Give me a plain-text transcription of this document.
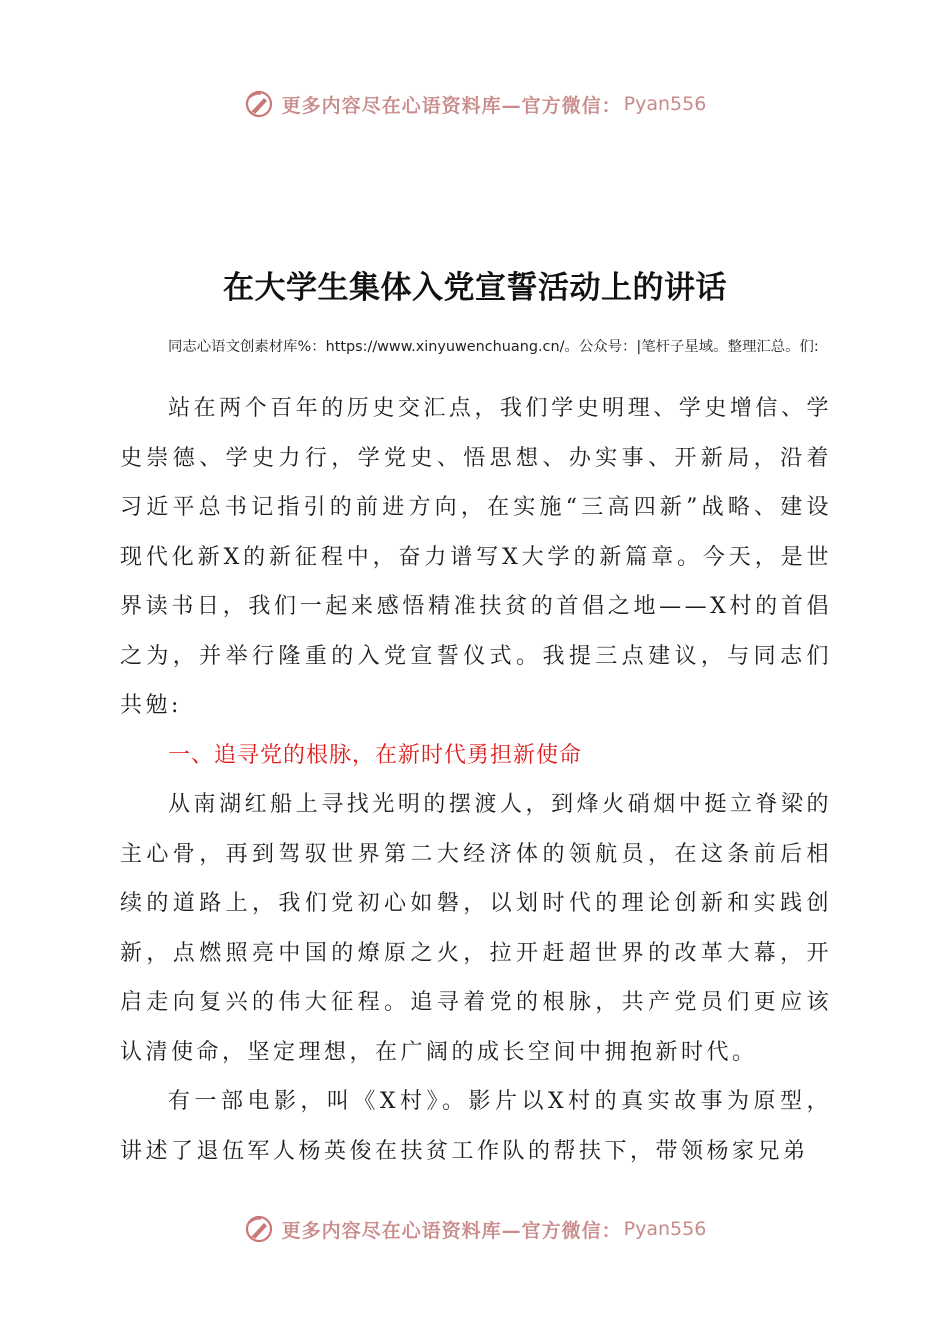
更多内容尽在心语资料库—官方微信： Pyan556
在大学生集体入党宣誓活动上的讲话
同志心语文创素材库%：https://www.xinyuwenchuang.cn/。公众号：|笔杆子星域。整理汇总。们:

站在两个百年的历史交汇点，我们学史明理、学史增信、学史崇德、学史力行，学党史、悟思想、办实事、开新局，沿着习近平总书记指引的前进方向，在实施“三高四新”战略、建设现代化新X的新征程中，奋力谱写X大学的新篇章。今天，是世界读书日，我们一起来感悟精准扶贫的首倡之地——X村的首倡之为，并举行隆重的入党宣誓仪式。我提三点建议，与同志们共勉:

一、追寻党的根脉，在新时代勇担新使命

从南湖红船上寻找光明的摆渡人，到烽火硝烟中挺立脊梁的主心骨，再到驾驭世界第二大经济体的领航员，在这条前后相续的道路上，我们党初心如磐，以划时代的理论创新和实践创新，点燃照亮中国的燎原之火，拉开赶超世界的改革大幕，开启走向复兴的伟大征程。追寻着党的根脉，共产党员们更应该认清使命，坚定理想，在广阔的成长空间中拥抱新时代。

有一部电影，叫《X村》。影片以X村的真实故事为原型，讲述了退伍军人杨英俊在扶贫工作队的帮扶下，带领杨家兄弟

更多内容尽在心语资料库—官方微信： Pyan556
